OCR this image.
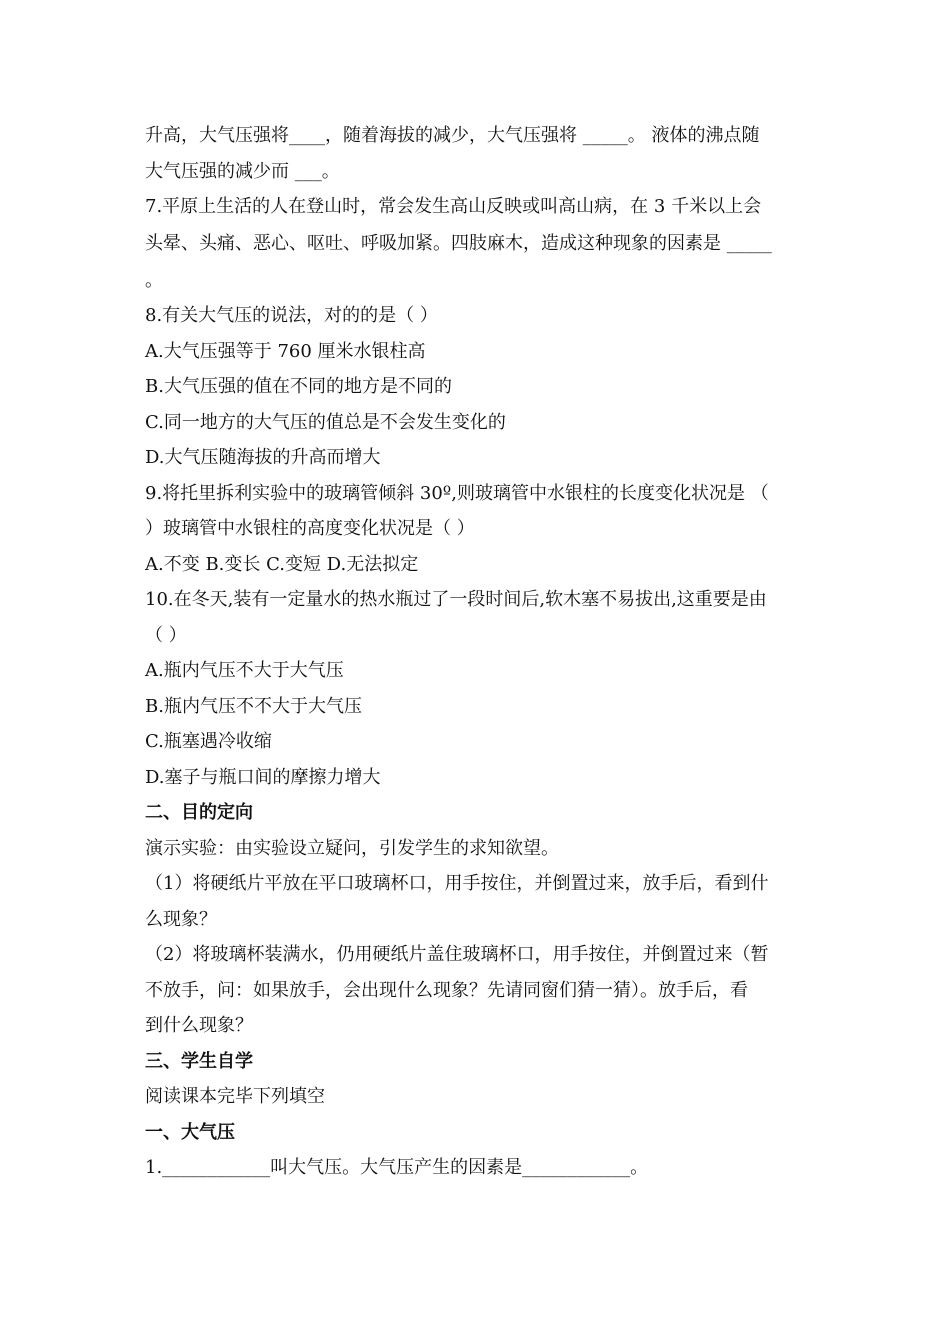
升高，大气压强将____，随着海拔的减少，大气压强将 _____。 液体的沸点随
大气压强的减少而 ___。
7.平原上生活的人在登山时，常会发生高山反映或叫高山病，在 3 千米以上会
头晕、头痛、恶心、呕吐、呼吸加紧。四肢麻木，造成这种现象的因素是 _____
。
8.有关大气压的说法，对的的是（ ）
A.大气压强等于 760 厘米水银柱高
B.大气压强的值在不同的地方是不同的
C.同一地方的大气压的值总是不会发生变化的
D.大气压随海拔的升高而增大
9.将托里拆利实验中的玻璃管倾斜 30º,则玻璃管中水银柱的长度变化状况是 （
）玻璃管中水银柱的高度变化状况是（ ）
A.不变 B.变长 C.变短 D.无法拟定
10.在冬天,装有一定量水的热水瓶过了一段时间后,软木塞不易拔出,这重要是由
（ ）
A.瓶内气压不大于大气压
B.瓶内气压不不大于大气压
C.瓶塞遇冷收缩
D.塞子与瓶口间的摩擦力增大
二、目的定向
演示实验：由实验设立疑问，引发学生的求知欲望。
（1）将硬纸片平放在平口玻璃杯口，用手按住，并倒置过来，放手后，看到什
么现象？
（2）将玻璃杯装满水，仍用硬纸片盖住玻璃杯口，用手按住，并倒置过来（暂
不放手，问：如果放手，会出现什么现象？先请同窗们猜一猜）。放手后，看
到什么现象？
三、学生自学
阅读课本完毕下列填空
一、大气压
1.____________叫大气压。大气压产生的因素是____________。
